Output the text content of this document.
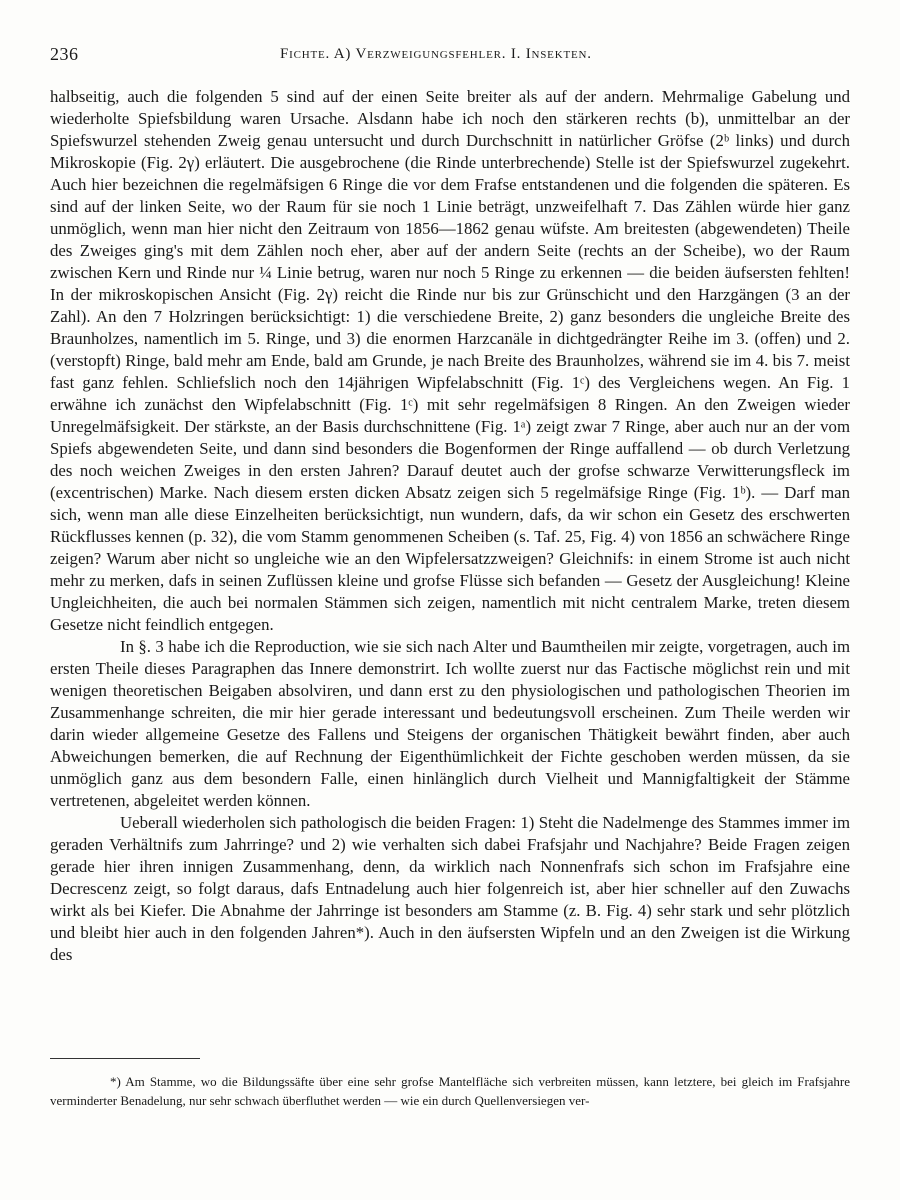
236	Fichte. A) Verzweigungsfehler. I. Insekten.

halbseitig, auch die folgenden 5 sind auf der einen Seite breiter als auf der andern. Mehrmalige Gabelung und wiederholte Spiefsbildung waren Ursache. Alsdann habe ich noch den stärkeren rechts (b), unmittelbar an der Spiefswurzel stehenden Zweig genau untersucht und durch Durchschnitt in natürlicher Gröfse (2ᵇ links) und durch Mikroskopie (Fig. 2γ) erläutert. Die ausgebrochene (die Rinde unterbrechende) Stelle ist der Spiefswurzel zugekehrt. Auch hier bezeichnen die regelmäfsigen 6 Ringe die vor dem Frafse entstandenen und die folgenden die späteren. Es sind auf der linken Seite, wo der Raum für sie noch 1 Linie beträgt, unzweifelhaft 7. Das Zählen würde hier ganz unmöglich, wenn man hier nicht den Zeitraum von 1856—1862 genau wüfste. Am breitesten (abgewendeten) Theile des Zweiges ging's mit dem Zählen noch eher, aber auf der andern Seite (rechts an der Scheibe), wo der Raum zwischen Kern und Rinde nur ¼ Linie betrug, waren nur noch 5 Ringe zu erkennen — die beiden äufsersten fehlten! In der mikroskopischen Ansicht (Fig. 2γ) reicht die Rinde nur bis zur Grünschicht und den Harzgängen (3 an der Zahl). An den 7 Holzringen berücksichtigt: 1) die verschiedene Breite, 2) ganz besonders die ungleiche Breite des Braunholzes, namentlich im 5. Ringe, und 3) die enormen Harzcanäle in dichtgedrängter Reihe im 3. (offen) und 2. (verstopft) Ringe, bald mehr am Ende, bald am Grunde, je nach Breite des Braunholzes, während sie im 4. bis 7. meist fast ganz fehlen. Schliefslich noch den 14jährigen Wipfelabschnitt (Fig. 1ᶜ) des Vergleichens wegen. An Fig. 1 erwähne ich zunächst den Wipfelabschnitt (Fig. 1ᶜ) mit sehr regelmäfsigen 8 Ringen. An den Zweigen wieder Unregelmäfsigkeit. Der stärkste, an der Basis durchschnittene (Fig. 1ᵃ) zeigt zwar 7 Ringe, aber auch nur an der vom Spiefs abgewendeten Seite, und dann sind besonders die Bogenformen der Ringe auffallend — ob durch Verletzung des noch weichen Zweiges in den ersten Jahren? Darauf deutet auch der grofse schwarze Verwitterungsfleck im (excentrischen) Marke. Nach diesem ersten dicken Absatz zeigen sich 5 regelmäfsige Ringe (Fig. 1ᵇ). — Darf man sich, wenn man alle diese Einzelheiten berücksichtigt, nun wundern, dafs, da wir schon ein Gesetz des erschwerten Rückflusses kennen (p. 32), die vom Stamm genommenen Scheiben (s. Taf. 25, Fig. 4) von 1856 an schwächere Ringe zeigen? Warum aber nicht so ungleiche wie an den Wipfelersatzzweigen? Gleichnifs: in einem Strome ist auch nicht mehr zu merken, dafs in seinen Zuflüssen kleine und grofse Flüsse sich befanden — Gesetz der Ausgleichung! Kleine Ungleichheiten, die auch bei normalen Stämmen sich zeigen, namentlich mit nicht centralem Marke, treten diesem Gesetze nicht feindlich entgegen.

In §. 3 habe ich die Reproduction, wie sie sich nach Alter und Baumtheilen mir zeigte, vorgetragen, auch im ersten Theile dieses Paragraphen das Innere demonstrirt. Ich wollte zuerst nur das Factische möglichst rein und mit wenigen theoretischen Beigaben absolviren, und dann erst zu den physiologischen und pathologischen Theorien im Zusammenhange schreiten, die mir hier gerade interessant und bedeutungsvoll erscheinen. Zum Theile werden wir darin wieder allgemeine Gesetze des Fallens und Steigens der organischen Thätigkeit bewährt finden, aber auch Abweichungen bemerken, die auf Rechnung der Eigenthümlichkeit der Fichte geschoben werden müssen, da sie unmöglich ganz aus dem besondern Falle, einen hinlänglich durch Vielheit und Mannigfaltigkeit der Stämme vertretenen, abgeleitet werden können.

Ueberall wiederholen sich pathologisch die beiden Fragen: 1) Steht die Nadelmenge des Stammes immer im geraden Verhältnifs zum Jahrringe? und 2) wie verhalten sich dabei Frafsjahr und Nachjahre? Beide Fragen zeigen gerade hier ihren innigen Zusammenhang, denn, da wirklich nach Nonnenfrafs sich schon im Frafsjahre eine Decrescenz zeigt, so folgt daraus, dafs Entnadelung auch hier folgenreich ist, aber hier schneller auf den Zuwachs wirkt als bei Kiefer. Die Abnahme der Jahrringe ist besonders am Stamme (z. B. Fig. 4) sehr stark und sehr plötzlich und bleibt hier auch in den folgenden Jahren*). Auch in den äufsersten Wipfeln und an den Zweigen ist die Wirkung des

*) Am Stamme, wo die Bildungssäfte über eine sehr grofse Mantelfläche sich verbreiten müssen, kann letztere, bei gleich im Frafsjahre verminderter Benadelung, nur sehr schwach überfluthet werden — wie ein durch Quellenversiegen ver-
